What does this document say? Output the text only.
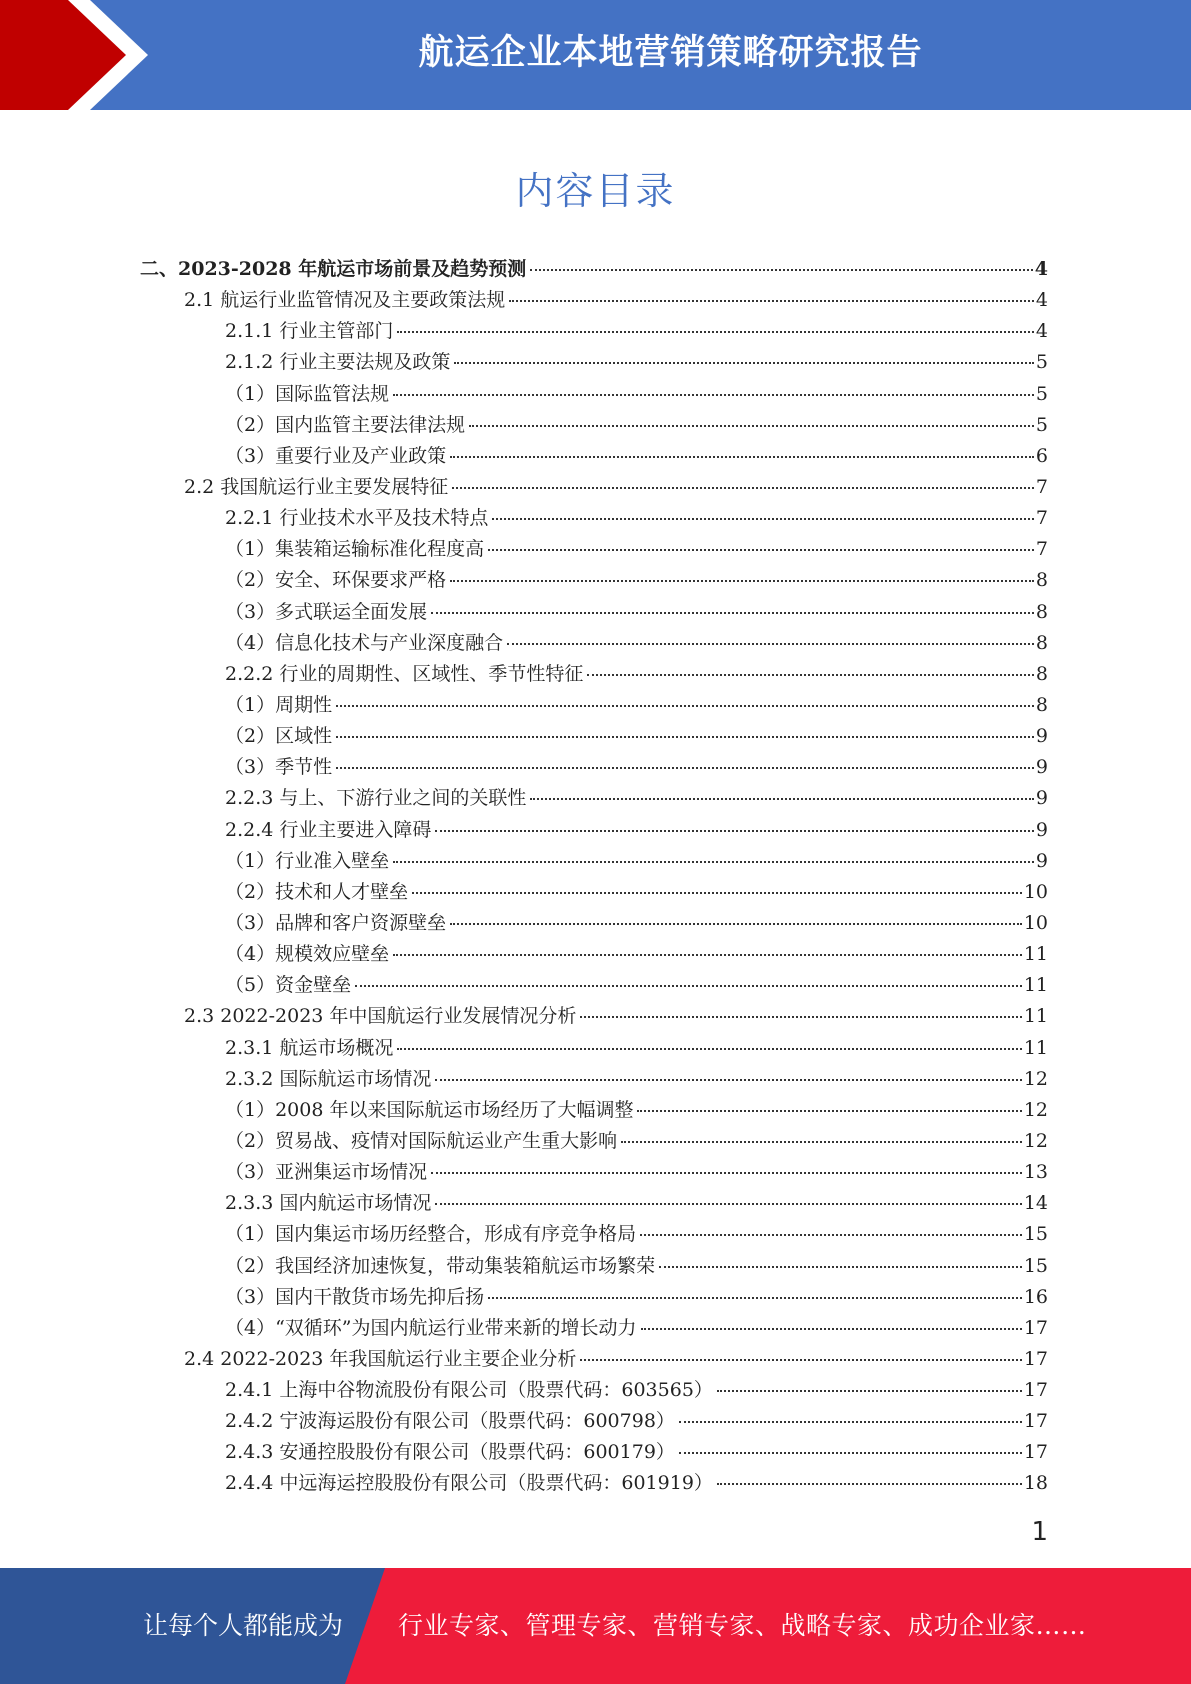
航运企业本地营销策略研究报告
内容目录
二、2023-2028 年航运市场前景及趋势预测	4
2.1 航运行业监管情况及主要政策法规	4
2.1.1 行业主管部门	4
2.1.2 行业主要法规及政策	5
（1）国际监管法规	5
（2）国内监管主要法律法规	5
（3）重要行业及产业政策	6
2.2 我国航运行业主要发展特征	7
2.2.1 行业技术水平及技术特点	7
（1）集装箱运输标准化程度高	7
（2）安全、环保要求严格	8
（3）多式联运全面发展	8
（4）信息化技术与产业深度融合	8
2.2.2 行业的周期性、区域性、季节性特征	8
（1）周期性	8
（2）区域性	9
（3）季节性	9
2.2.3 与上、下游行业之间的关联性	9
2.2.4 行业主要进入障碍	9
（1）行业准入壁垒	9
（2）技术和人才壁垒	10
（3）品牌和客户资源壁垒	10
（4）规模效应壁垒	11
（5）资金壁垒	11
2.3 2022-2023 年中国航运行业发展情况分析	11
2.3.1 航运市场概况	11
2.3.2 国际航运市场情况	12
（1）2008 年以来国际航运市场经历了大幅调整	12
（2）贸易战、疫情对国际航运业产生重大影响	12
（3）亚洲集运市场情况	13
2.3.3 国内航运市场情况	14
（1）国内集运市场历经整合，形成有序竞争格局	15
（2）我国经济加速恢复，带动集装箱航运市场繁荣	15
（3）国内干散货市场先抑后扬	16
（4）“双循环”为国内航运行业带来新的增长动力	17
2.4 2022-2023 年我国航运行业主要企业分析	17
2.4.1 上海中谷物流股份有限公司（股票代码：603565）	17
2.4.2 宁波海运股份有限公司（股票代码：600798）	17
2.4.3 安通控股股份有限公司（股票代码：600179）	17
2.4.4 中远海运控股股份有限公司（股票代码：601919）	18
1
让每个人都能成为 行业专家、管理专家、营销专家、战略专家、成功企业家……
